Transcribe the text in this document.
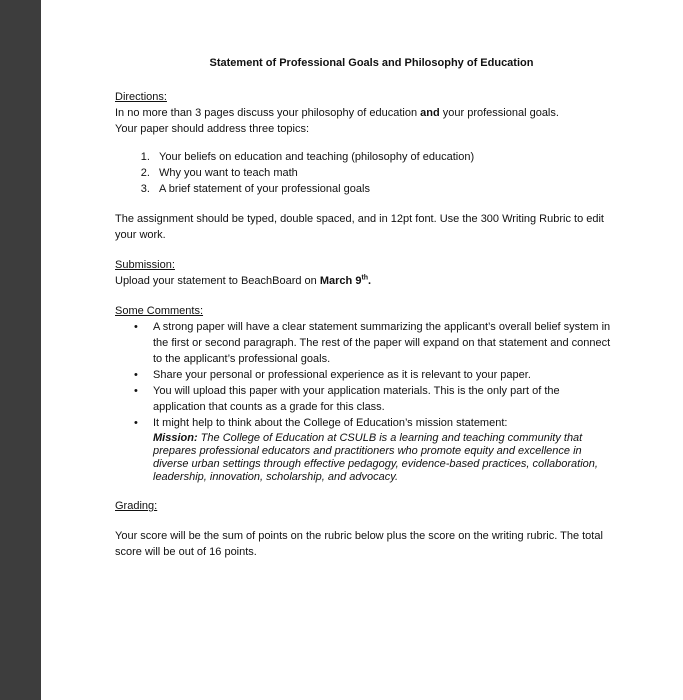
Statement of Professional Goals and Philosophy of Education

Directions:

In no more than 3 pages discuss your philosophy of education and your professional goals.

Your paper should address three topics:

1. Your beliefs on education and teaching (philosophy of education)
2. Why you want to teach math
3. A brief statement of your professional goals

The assignment should be typed, double spaced, and in 12pt font. Use the 300 Writing Rubric to edit your work.

Submission:

Upload your statement to BeachBoard on March 9th.

Some Comments:

• A strong paper will have a clear statement summarizing the applicant’s overall belief system in the first or second paragraph. The rest of the paper will expand on that statement and connect to the applicant’s professional goals.
• Share your personal or professional experience as it is relevant to your paper.
• You will upload this paper with your application materials. This is the only part of the application that counts as a grade for this class.
• It might help to think about the College of Education’s mission statement:
Mission: The College of Education at CSULB is a learning and teaching community that prepares professional educators and practitioners who promote equity and excellence in diverse urban settings through effective pedagogy, evidence-based practices, collaboration, leadership, innovation, scholarship, and advocacy.

Grading:

Your score will be the sum of points on the rubric below plus the score on the writing rubric. The total score will be out of 16 points.
